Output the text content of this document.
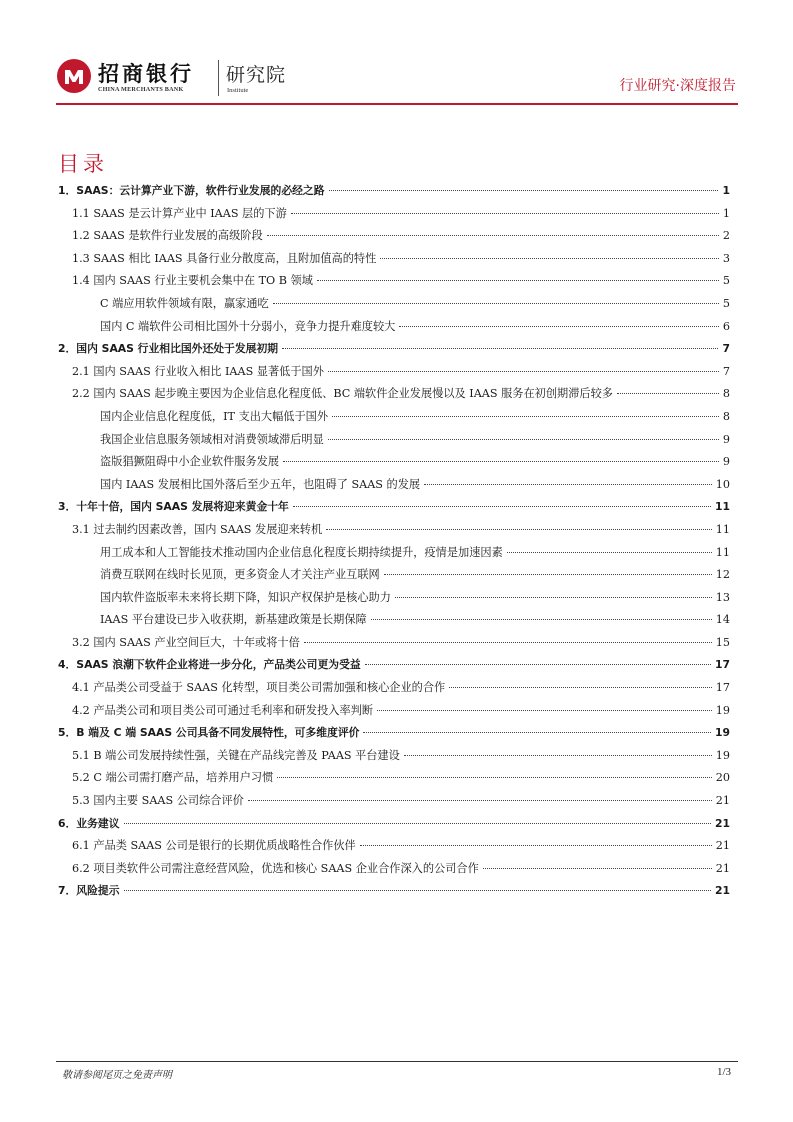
招商银行
CHINA MERCHANTS BANK
研究院
Institute	行业研究·深度报告
目录
1．SAAS：云计算产业下游，软件行业发展的必经之路	1
1.1 SAAS 是云计算产业中 IAAS 层的下游	1
1.2 SAAS 是软件行业发展的高级阶段	2
1.3 SAAS 相比 IAAS 具备行业分散度高，且附加值高的特性	3
1.4 国内 SAAS 行业主要机会集中在 TO B 领域	5
C 端应用软件领域有限，赢家通吃	5
国内 C 端软件公司相比国外十分弱小，竞争力提升难度较大	6
2．国内 SAAS 行业相比国外还处于发展初期	7
2.1 国内 SAAS 行业收入相比 IAAS 显著低于国外	7
2.2 国内 SAAS 起步晚主要因为企业信息化程度低、BC 端软件企业发展慢以及 IAAS 服务在初创期滞后较多	8
国内企业信息化程度低，IT 支出大幅低于国外	8
我国企业信息服务领域相对消费领域滞后明显	9
盗版猖獗阻碍中小企业软件服务发展	9
国内 IAAS 发展相比国外落后至少五年，也阻碍了 SAAS 的发展	10
3．十年十倍，国内 SAAS 发展将迎来黄金十年	11
3.1 过去制约因素改善，国内 SAAS 发展迎来转机	11
用工成本和人工智能技术推动国内企业信息化程度长期持续提升，疫情是加速因素	11
消费互联网在线时长见顶，更多资金人才关注产业互联网	12
国内软件盗版率未来将长期下降，知识产权保护是核心助力	13
IAAS 平台建设已步入收获期，新基建政策是长期保障	14
3.2 国内 SAAS 产业空间巨大，十年或将十倍	15
4．SAAS 浪潮下软件企业将进一步分化，产品类公司更为受益	17
4.1 产品类公司受益于 SAAS 化转型，项目类公司需加强和核心企业的合作	17
4.2 产品类公司和项目类公司可通过毛利率和研发投入率判断	19
5．B 端及 C 端 SAAS 公司具备不同发展特性，可多维度评价	19
5.1 B 端公司发展持续性强，关键在产品线完善及 PAAS 平台建设	19
5.2 C 端公司需打磨产品，培养用户习惯	20
5.3 国内主要 SAAS 公司综合评价	21
6．业务建议	21
6.1 产品类 SAAS 公司是银行的长期优质战略性合作伙伴	21
6.2 项目类软件公司需注意经营风险，优选和核心 SAAS 企业合作深入的公司合作	21
7．风险提示	21
敬请参阅尾页之免责声明	1/3
